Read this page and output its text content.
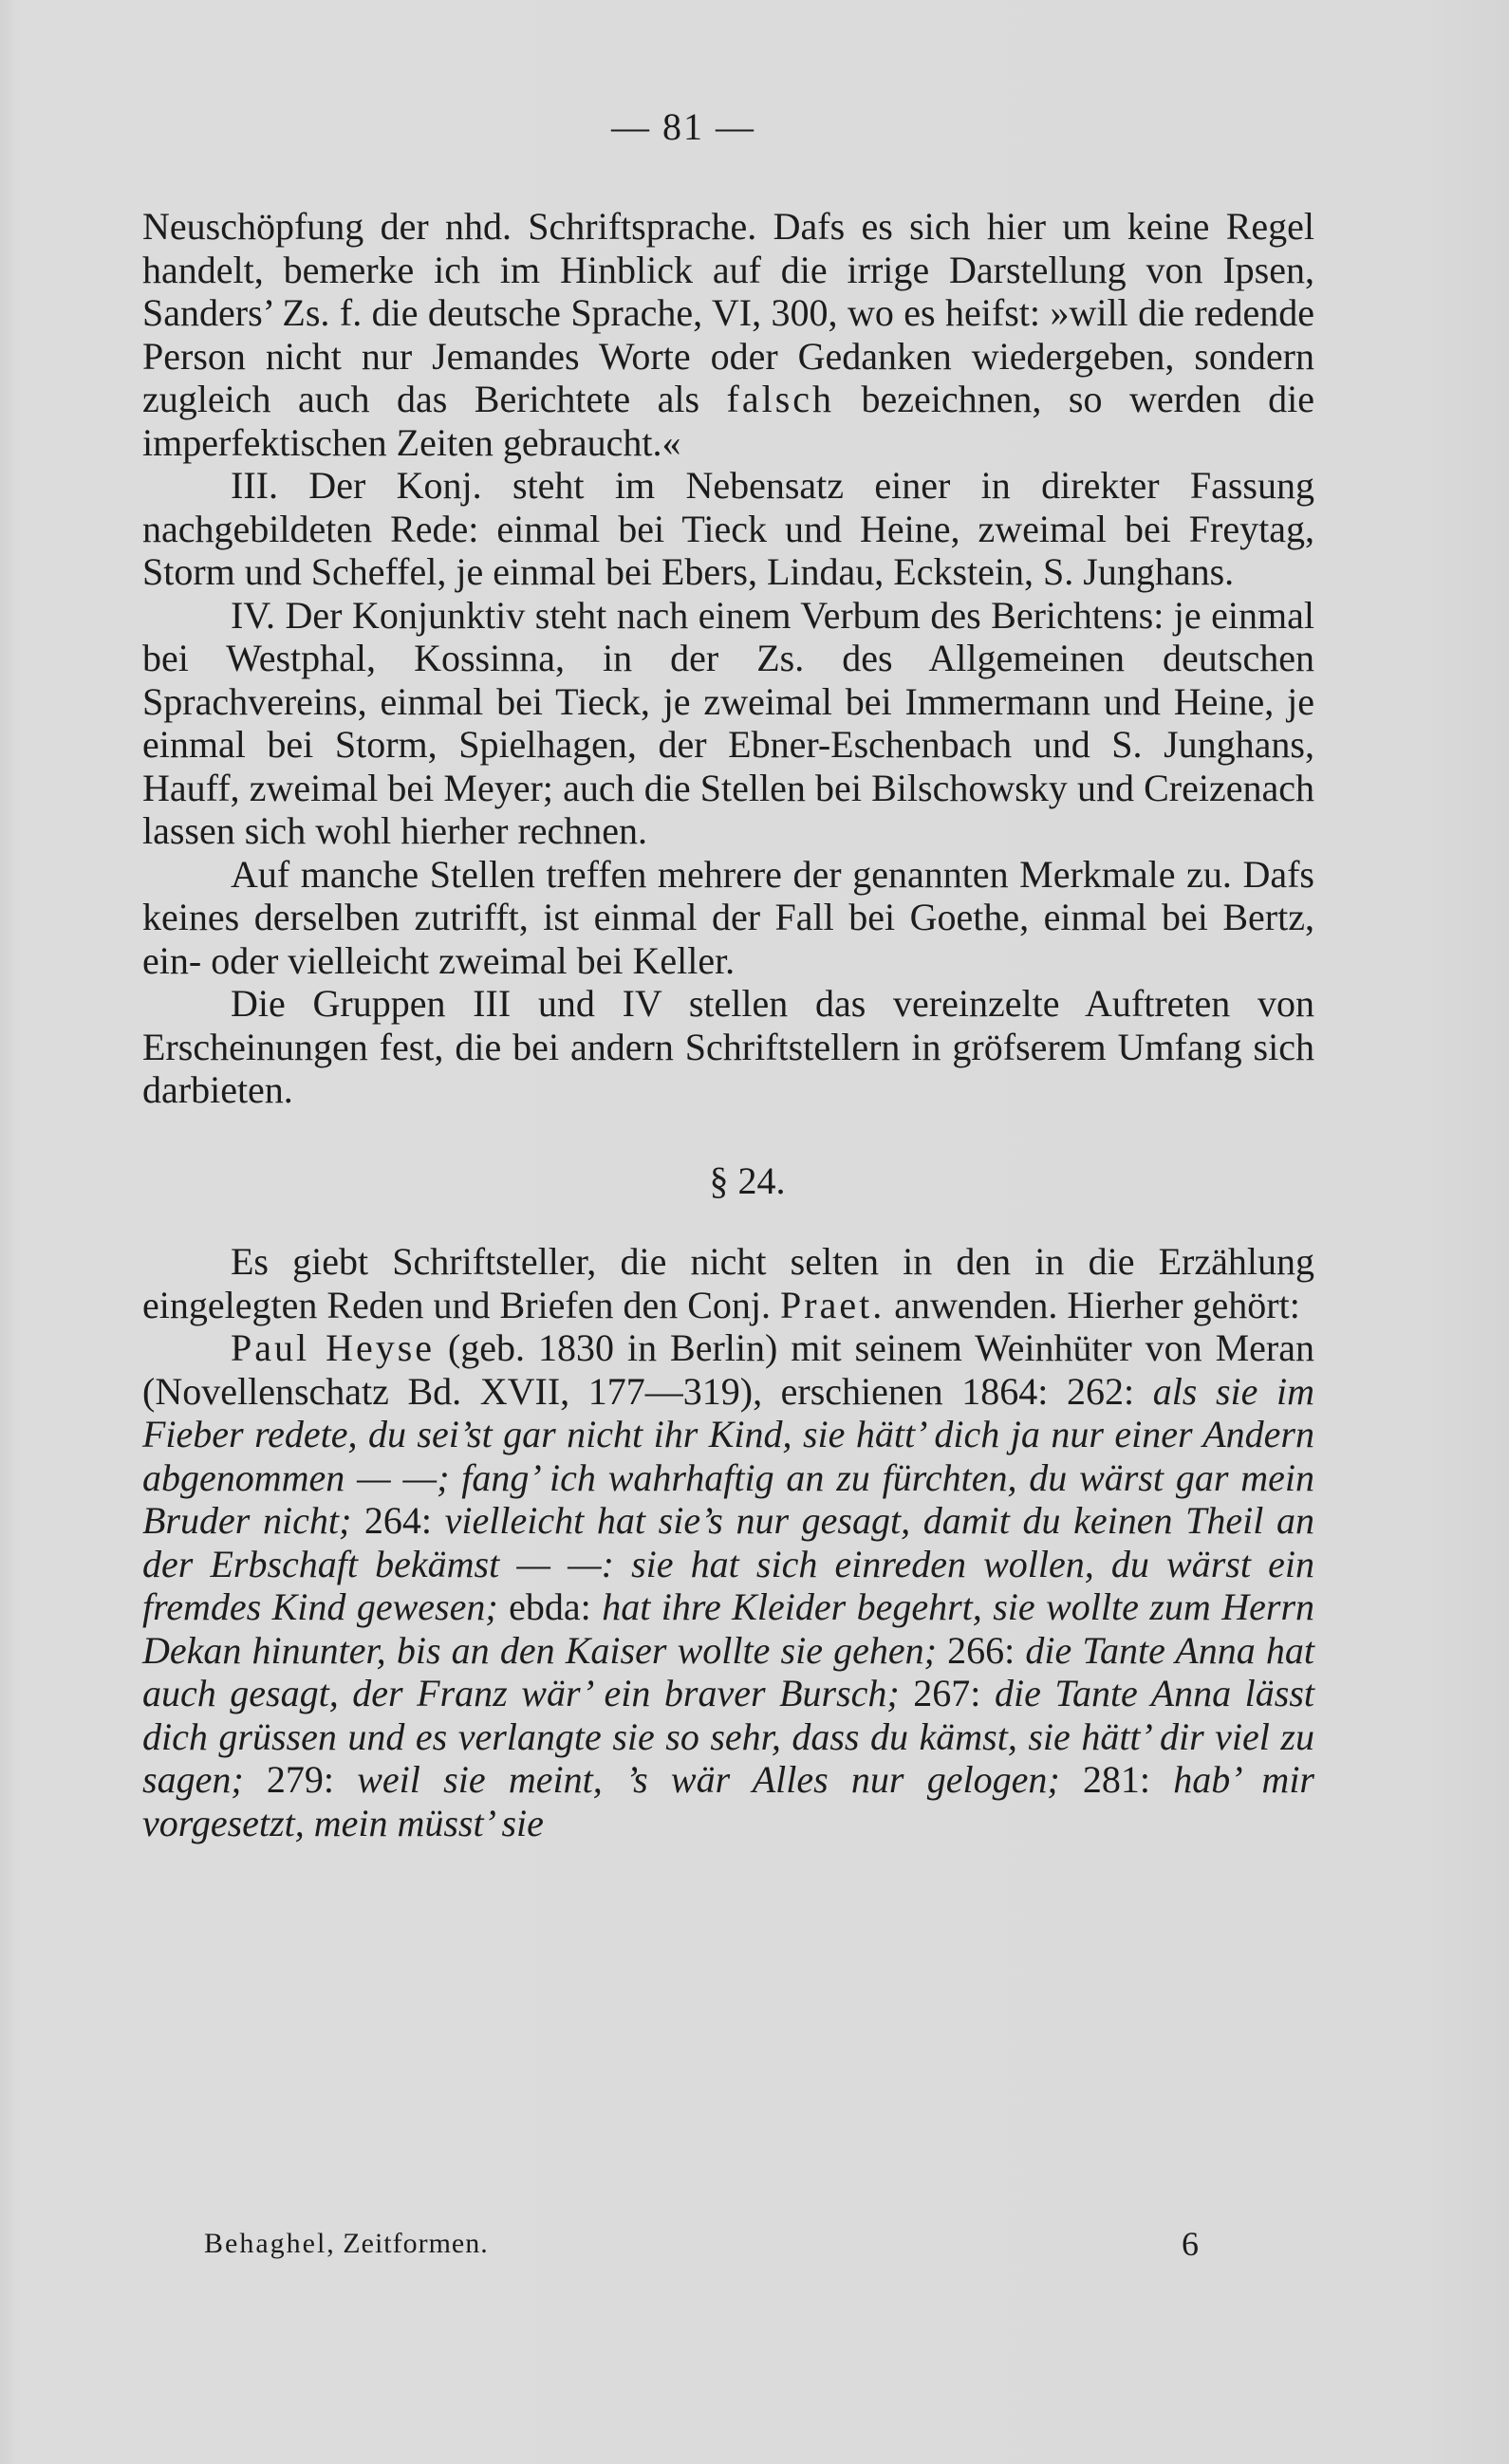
— 81 —

Neuschöpfung der nhd. Schriftsprache. Dafs es sich hier um keine Regel handelt, bemerke ich im Hinblick auf die irrige Darstellung von Ipsen, Sanders’ Zs. f. die deutsche Sprache, VI, 300, wo es heifst: »will die redende Person nicht nur Jemandes Worte oder Gedanken wiedergeben, sondern zugleich auch das Berichtete als falsch bezeichnen, so werden die imperfektischen Zeiten gebraucht.«

III. Der Konj. steht im Nebensatz einer in direkter Fassung nachgebildeten Rede: einmal bei Tieck und Heine, zweimal bei Freytag, Storm und Scheffel, je einmal bei Ebers, Lindau, Eckstein, S. Junghans.

IV. Der Konjunktiv steht nach einem Verbum des Berichtens: je einmal bei Westphal, Kossinna, in der Zs. des Allgemeinen deutschen Sprachvereins, einmal bei Tieck, je zweimal bei Immermann und Heine, je einmal bei Storm, Spielhagen, der Ebner-Eschenbach und S. Junghans, Hauff, zweimal bei Meyer; auch die Stellen bei Bilschowsky und Creizenach lassen sich wohl hierher rechnen.

Auf manche Stellen treffen mehrere der genannten Merkmale zu. Dafs keines derselben zutrifft, ist einmal der Fall bei Goethe, einmal bei Bertz, ein- oder vielleicht zweimal bei Keller.

Die Gruppen III und IV stellen das vereinzelte Auftreten von Erscheinungen fest, die bei andern Schriftstellern in gröfserem Umfang sich darbieten.

§ 24.

Es giebt Schriftsteller, die nicht selten in den in die Erzählung eingelegten Reden und Briefen den Conj. Praet. anwenden. Hierher gehört:

Paul Heyse (geb. 1830 in Berlin) mit seinem Weinhüter von Meran (Novellenschatz Bd. XVII, 177—319), erschienen 1864: 262: als sie im Fieber redete, du sei’st gar nicht ihr Kind, sie hätt’ dich ja nur einer Andern abgenommen — —; fang’ ich wahrhaftig an zu fürchten, du wärst gar mein Bruder nicht; 264: vielleicht hat sie’s nur gesagt, damit du keinen Theil an der Erbschaft bekämst — —: sie hat sich einreden wollen, du wärst ein fremdes Kind gewesen; ebda: hat ihre Kleider begehrt, sie wollte zum Herrn Dekan hinunter, bis an den Kaiser wollte sie gehen; 266: die Tante Anna hat auch gesagt, der Franz wär’ ein braver Bursch; 267: die Tante Anna lässt dich grüssen und es verlangte sie so sehr, dass du kämst, sie hätt’ dir viel zu sagen; 279: weil sie meint, ’s wär Alles nur gelogen; 281: hab’ mir vorgesetzt, mein müsst’ sie

Behaghel, Zeitformen.	6
